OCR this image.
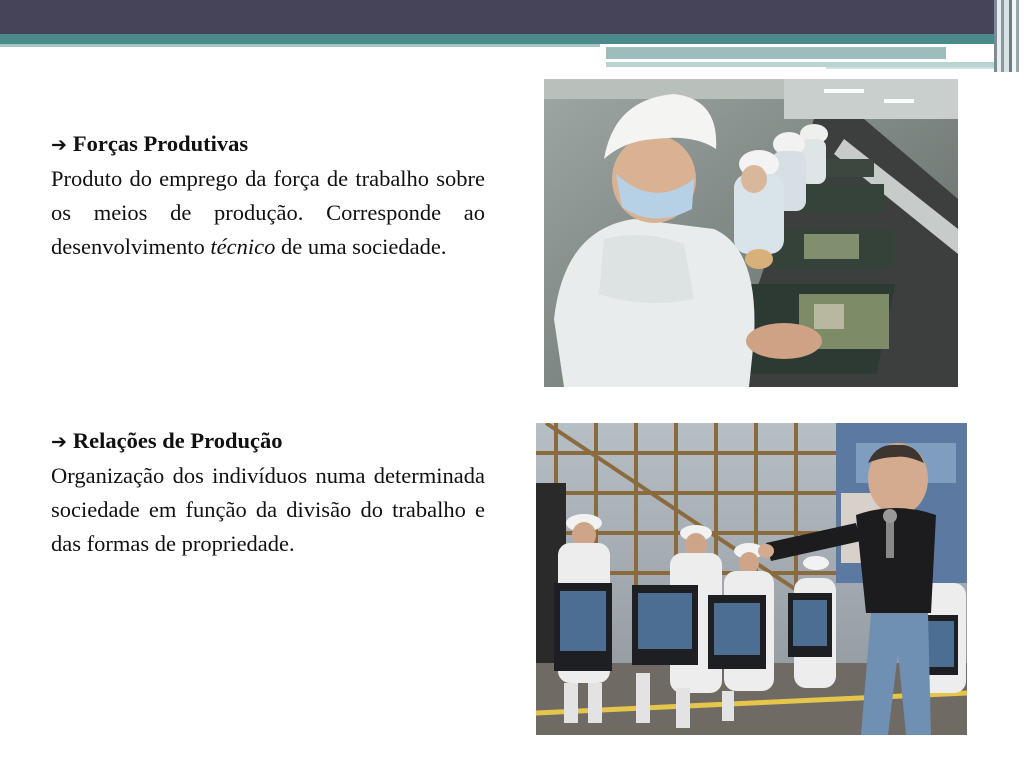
➔ Forças Produtivas

Produto do emprego da força de trabalho sobre os meios de produção. Corresponde ao desenvolvimento técnico de uma sociedade.

➔ Relações de Produção

Organização dos indivíduos numa determinada sociedade em função da divisão do trabalho e das formas de propriedade.
